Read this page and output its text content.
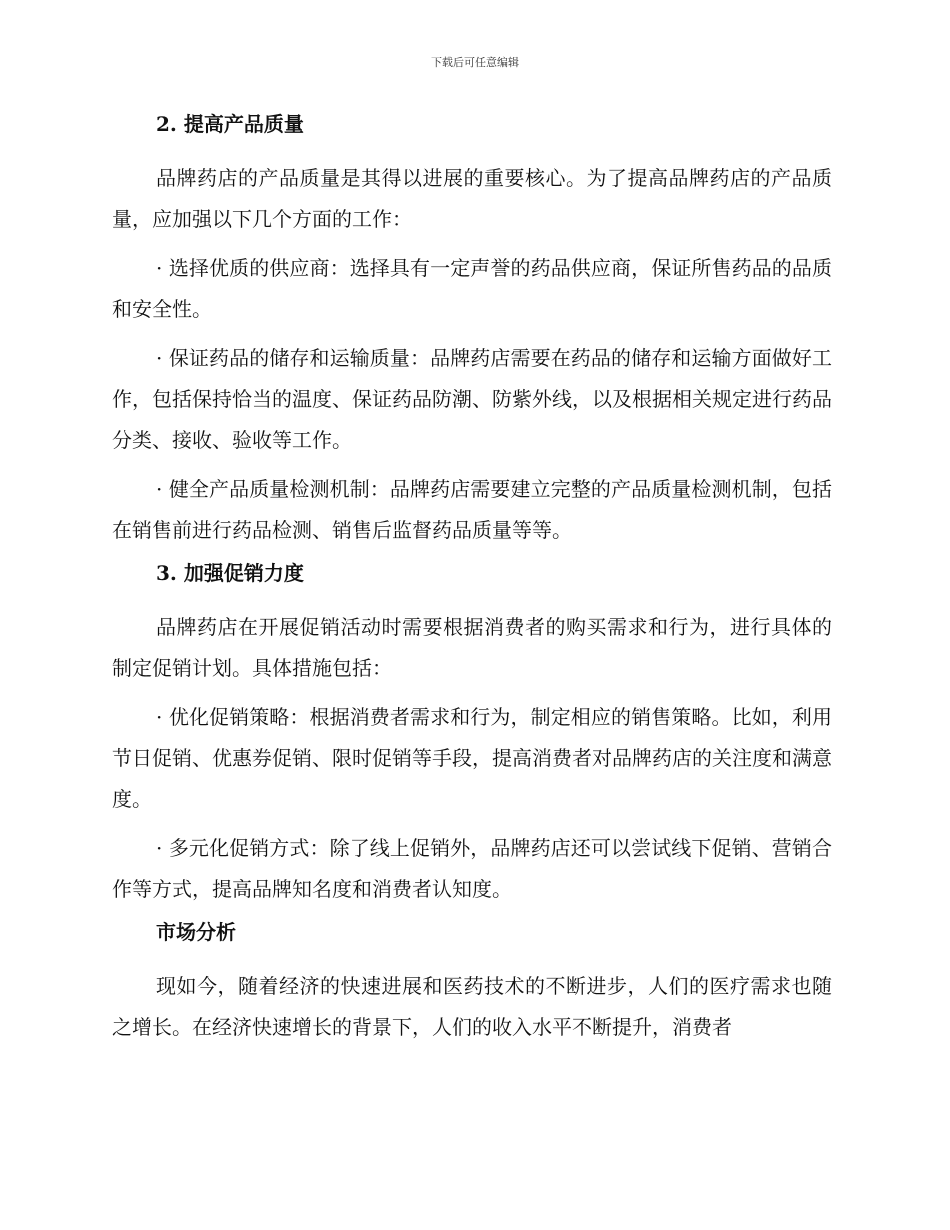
下载后可任意编辑
2. 提高产品质量

品牌药店的产品质量是其得以进展的重要核心。为了提高品牌药店的产品质量，应加强以下几个方面的工作：

· 选择优质的供应商：选择具有一定声誉的药品供应商，保证所售药品的品质和安全性。

· 保证药品的储存和运输质量：品牌药店需要在药品的储存和运输方面做好工作，包括保持恰当的温度、保证药品防潮、防紫外线，以及根据相关规定进行药品分类、接收、验收等工作。

· 健全产品质量检测机制：品牌药店需要建立完整的产品质量检测机制，包括在销售前进行药品检测、销售后监督药品质量等等。

3. 加强促销力度

品牌药店在开展促销活动时需要根据消费者的购买需求和行为，进行具体的制定促销计划。具体措施包括：

· 优化促销策略：根据消费者需求和行为，制定相应的销售策略。比如，利用节日促销、优惠券促销、限时促销等手段，提高消费者对品牌药店的关注度和满意度。

· 多元化促销方式：除了线上促销外，品牌药店还可以尝试线下促销、营销合作等方式，提高品牌知名度和消费者认知度。

市场分析

现如今，随着经济的快速进展和医药技术的不断进步，人们的医疗需求也随之增长。在经济快速增长的背景下，人们的收入水平不断提升，消费者
